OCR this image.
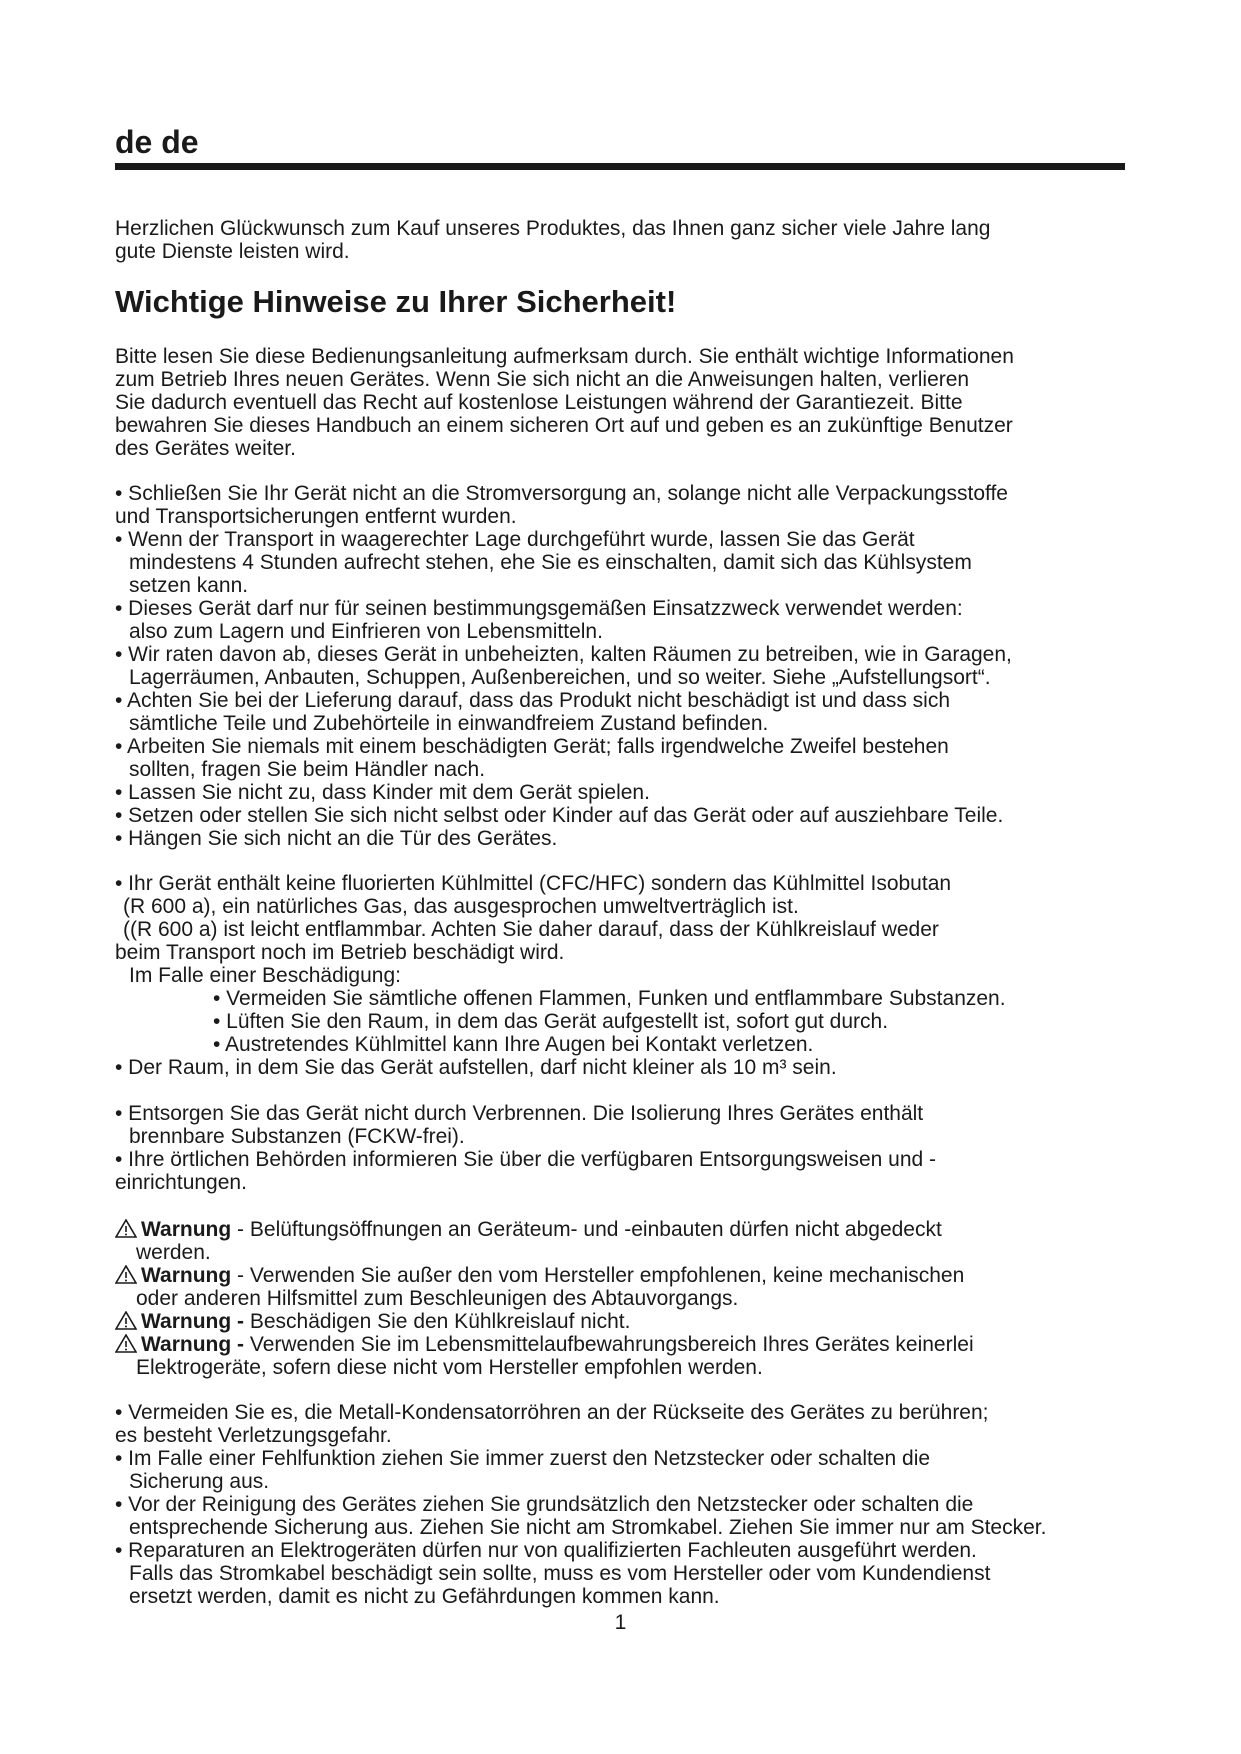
de de
Herzlichen Glückwunsch zum Kauf unseres Produktes, das Ihnen ganz sicher viele Jahre lang
gute Dienste leisten wird.
Wichtige Hinweise zu Ihrer Sicherheit!
Bitte lesen Sie diese Bedienungsanleitung aufmerksam durch. Sie enthält wichtige Informationen
zum Betrieb Ihres neuen Gerätes. Wenn Sie sich nicht an die Anweisungen halten, verlieren
Sie dadurch eventuell das Recht auf kostenlose Leistungen während der Garantiezeit. Bitte
bewahren Sie dieses Handbuch an einem sicheren Ort auf und geben es an zukünftige Benutzer
des Gerätes weiter.
• Schließen Sie Ihr Gerät nicht an die Stromversorgung an, solange nicht alle Verpackungsstoffe
und Transportsicherungen entfernt wurden.
• Wenn der Transport in waagerechter Lage durchgeführt wurde, lassen Sie das Gerät
mindestens 4 Stunden aufrecht stehen, ehe Sie es einschalten, damit sich das Kühlsystem
setzen kann.
• Dieses Gerät darf nur für seinen bestimmungsgemäßen Einsatzzweck verwendet werden:
also zum Lagern und Einfrieren von Lebensmitteln.
• Wir raten davon ab, dieses Gerät in unbeheizten, kalten Räumen zu betreiben, wie in Garagen,
Lagerräumen, Anbauten, Schuppen, Außenbereichen, und so weiter. Siehe „Aufstellungsort“.
• Achten Sie bei der Lieferung darauf, dass das Produkt nicht beschädigt ist und dass sich
sämtliche Teile und Zubehörteile in einwandfreiem Zustand befinden.
• Arbeiten Sie niemals mit einem beschädigten Gerät; falls irgendwelche Zweifel bestehen
sollten, fragen Sie beim Händler nach.
• Lassen Sie nicht zu, dass Kinder mit dem Gerät spielen.
• Setzen oder stellen Sie sich nicht selbst oder Kinder auf das Gerät oder auf ausziehbare Teile.
• Hängen Sie sich nicht an die Tür des Gerätes.
• Ihr Gerät enthält keine fluorierten Kühlmittel (CFC/HFC) sondern das Kühlmittel Isobutan
(R 600 a), ein natürliches Gas, das ausgesprochen umweltverträglich ist.
((R 600 a) ist leicht entflammbar. Achten Sie daher darauf, dass der Kühlkreislauf weder
beim Transport noch im Betrieb beschädigt wird.
Im Falle einer Beschädigung:
• Vermeiden Sie sämtliche offenen Flammen, Funken und entflammbare Substanzen.
• Lüften Sie den Raum, in dem das Gerät aufgestellt ist, sofort gut durch.
• Austretendes Kühlmittel kann Ihre Augen bei Kontakt verletzen.
• Der Raum, in dem Sie das Gerät aufstellen, darf nicht kleiner als 10 m³ sein.
• Entsorgen Sie das Gerät nicht durch Verbrennen. Die Isolierung Ihres Gerätes enthält
brennbare Substanzen (FCKW-frei).
• Ihre örtlichen Behörden informieren Sie über die verfügbaren Entsorgungsweisen und -
einrichtungen.
Warnung - Belüftungsöffnungen an Geräteum- und -einbauten dürfen nicht abgedeckt
werden.
Warnung - Verwenden Sie außer den vom Hersteller empfohlenen, keine mechanischen
oder anderen Hilfsmittel zum Beschleunigen des Abtauvorgangs.
Warnung - Beschädigen Sie den Kühlkreislauf nicht.
Warnung - Verwenden Sie im Lebensmittelaufbewahrungsbereich Ihres Gerätes keinerlei
Elektrogeräte, sofern diese nicht vom Hersteller empfohlen werden.
• Vermeiden Sie es, die Metall-Kondensatorröhren an der Rückseite des Gerätes zu berühren;
es besteht Verletzungsgefahr.
• Im Falle einer Fehlfunktion ziehen Sie immer zuerst den Netzstecker oder schalten die
Sicherung aus.
• Vor der Reinigung des Gerätes ziehen Sie grundsätzlich den Netzstecker oder schalten die
entsprechende Sicherung aus. Ziehen Sie nicht am Stromkabel. Ziehen Sie immer nur am Stecker.
• Reparaturen an Elektrogeräten dürfen nur von qualifizierten Fachleuten ausgeführt werden.
Falls das Stromkabel beschädigt sein sollte, muss es vom Hersteller oder vom Kundendienst
ersetzt werden, damit es nicht zu Gefährdungen kommen kann.
1
